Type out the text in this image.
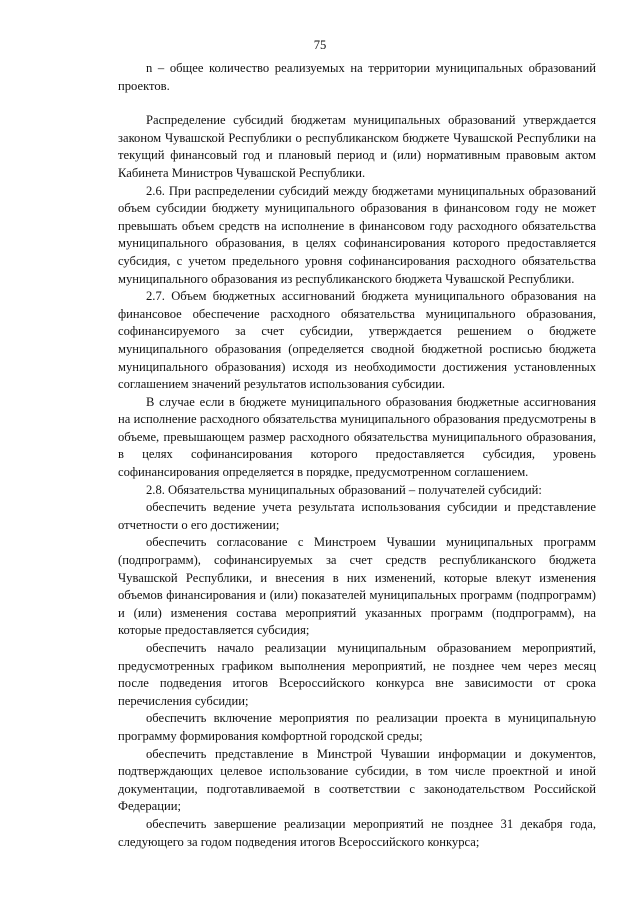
75

n – общее количество реализуемых на территории муниципальных образований проектов.

Распределение субсидий бюджетам муниципальных образований утверждается законом Чувашской Республики о республиканском бюджете Чувашской Республики на текущий финансовый год и плановый период и (или) нормативным правовым актом Кабинета Министров Чувашской Республики.

2.6. При распределении субсидий между бюджетами муниципальных образований объем субсидии бюджету муниципального образования в финансовом году не может превышать объем средств на исполнение в финансовом году расходного обязательства муниципального образования, в целях софинансирования которого предоставляется субсидия, с учетом предельного уровня софинансирования расходного обязательства муниципального образования из республиканского бюджета Чувашской Республики.

2.7. Объем бюджетных ассигнований бюджета муниципального образования на финансовое обеспечение расходного обязательства муниципального образования, софинансируемого за счет субсидии, утверждается решением о бюджете муниципального образования (определяется сводной бюджетной росписью бюджета муниципального образования) исходя из необходимости достижения установленных соглашением значений результатов использования субсидии.

В случае если в бюджете муниципального образования бюджетные ассигнования на исполнение расходного обязательства муниципального образования предусмотрены в объеме, превышающем размер расходного обязательства муниципального образования, в целях софинансирования которого предоставляется субсидия, уровень софинансирования определяется в порядке, предусмотренном соглашением.

2.8. Обязательства муниципальных образований – получателей субсидий:

обеспечить ведение учета результата использования субсидии и представление отчетности о его достижении;

обеспечить согласование с Минстроем Чувашии муниципальных программ (подпрограмм), софинансируемых за счет средств республиканского бюджета Чувашской Республики, и внесения в них изменений, которые влекут изменения объемов финансирования и (или) показателей муниципальных программ (подпрограмм) и (или) изменения состава мероприятий указанных программ (подпрограмм), на которые предоставляется субсидия;

обеспечить начало реализации муниципальным образованием мероприятий, предусмотренных графиком выполнения мероприятий, не позднее чем через месяц после подведения итогов Всероссийского конкурса вне зависимости от срока перечисления субсидии;

обеспечить включение мероприятия по реализации проекта в муниципальную программу формирования комфортной городской среды;

обеспечить представление в Минстрой Чувашии информации и документов, подтверждающих целевое использование субсидии, в том числе проектной и иной документации, подготавливаемой в соответствии с законодательством Российской Федерации;

обеспечить завершение реализации мероприятий не позднее 31 декабря года, следующего за годом подведения итогов Всероссийского конкурса;
